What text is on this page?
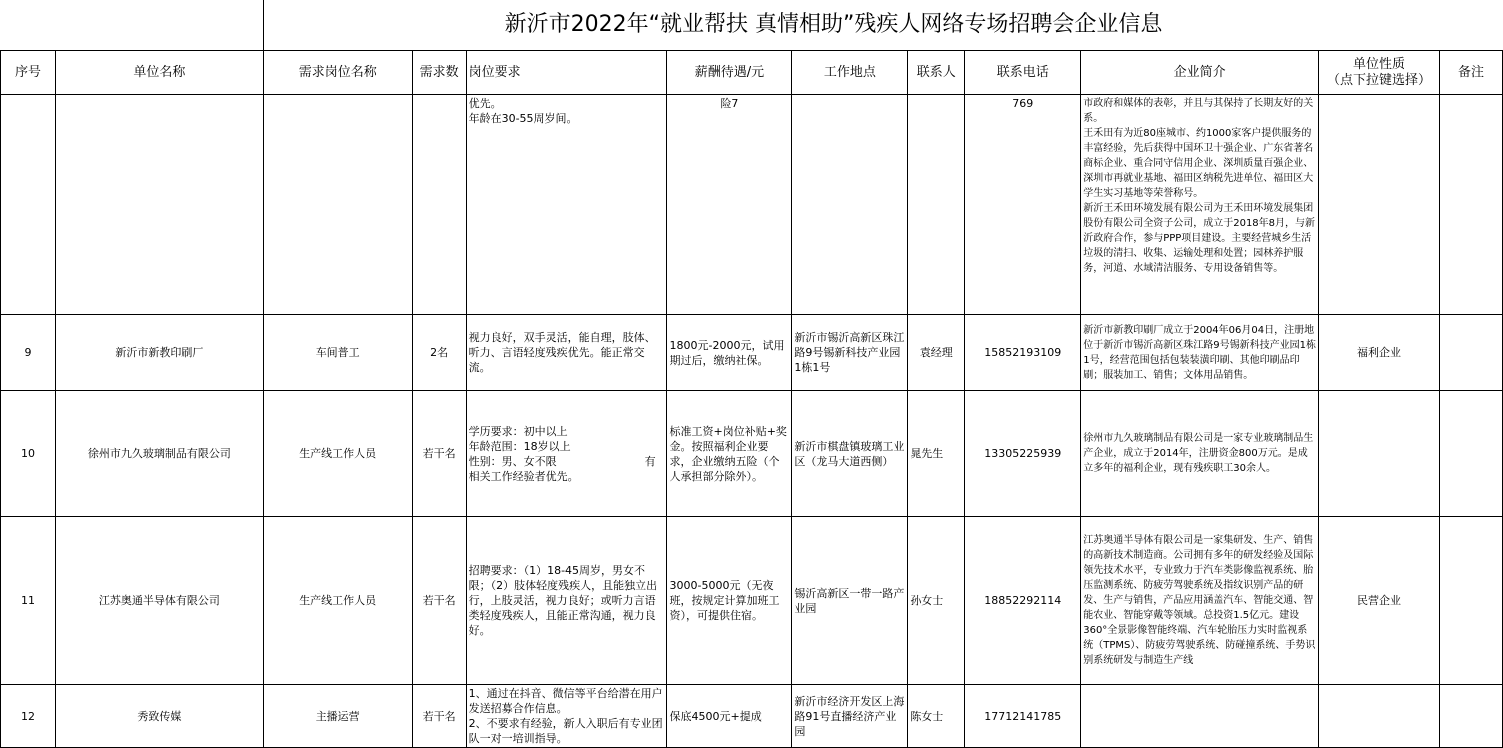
新沂市2022年“就业帮扶 真情相助”残疾人网络专场招聘会企业信息
序号	单位名称	需求岗位名称	需求数	岗位要求	薪酬待遇/元	工作地点	联系人	联系电话	企业简介	单位性质
（点下拉键选择）	备注
				优先。
年龄在30-55周岁间。	险7			769	市政府和媒体的表彰，并且与其保持了长期友好的关系。
王禾田有为近80座城市、约1000家客户提供服务的丰富经验，先后获得中国环卫十强企业、广东省著名商标企业、重合同守信用企业、深圳质量百强企业、深圳市再就业基地、福田区纳税先进单位、福田区大学生实习基地等荣誉称号。
新沂王禾田环境发展有限公司为王禾田环境发展集团股份有限公司全资子公司，成立于2018年8月，与新沂政府合作，参与PPP项目建设。主要经营城乡生活垃圾的清扫、收集、运输处理和处置；园林养护服务，河道、水域清洁服务、专用设备销售等。		
9	新沂市新教印刷厂	车间普工	2名	视力良好，双手灵活，能自理，肢体、听力、言语轻度残疾优先。能正常交流。	1800元-2000元，试用期过后，缴纳社保。	新沂市锡沂高新区珠江路9号锡新科技产业园1栋1号	袁经理	15852193109	新沂市新教印刷厂成立于2004年06月04日，注册地位于新沂市锡沂高新区珠江路9号锡新科技产业园1栋1号，经营范围包括包装装潢印刷、其他印刷品印刷；服装加工、销售；文体用品销售。	福利企业	
10	徐州市九久玻璃制品有限公司	生产线工作人员	若干名	学历要求：初中以上
年龄范围：18岁以上
性别：男、女不限　　　　　　　　有相关工作经验者优先。	标准工资+岗位补贴+奖金。按照福利企业要求，企业缴纳五险（个人承担部分除外）。	新沂市棋盘镇玻璃工业区（龙马大道西侧）	晁先生	13305225939	徐州市九久玻璃制品有限公司是一家专业玻璃制品生产企业，成立于2014年，注册资金800万元。是成立多年的福利企业，现有残疾职工30余人。		
11	江苏奥通半导体有限公司	生产线工作人员	若干名	招聘要求：（1）18-45周岁，男女不限；（2）肢体轻度残疾人，且能独立出行，上肢灵活，视力良好；或听力言语类轻度残疾人，且能正常沟通，视力良好。	3000-5000元（无夜班，按规定计算加班工资），可提供住宿。	锡沂高新区一带一路产业园	孙女士	18852292114	江苏奥通半导体有限公司是一家集研发、生产、销售的高新技术制造商。公司拥有多年的研发经验及国际领先技术水平，专业致力于汽车类影像监视系统、胎压监测系统、防疲劳驾驶系统及指纹识别产品的研发、生产与销售，产品应用涵盖汽车、智能交通、智能农业、智能穿戴等领域。总投资1.5亿元。建设360°全景影像智能终端、汽车轮胎压力实时监视系统（TPMS）、防疲劳驾驶系统、防碰撞系统、手势识别系统研发与制造生产线	民营企业	
12	秀致传媒	主播运营	若干名	1、通过在抖音、微信等平台给潜在用户发送招募合作信息。
2、不要求有经验，新人入职后有专业团队一对一培训指导。	保底4500元+提成	新沂市经济开发区上海路91号直播经济产业园	陈女士	17712141785			
